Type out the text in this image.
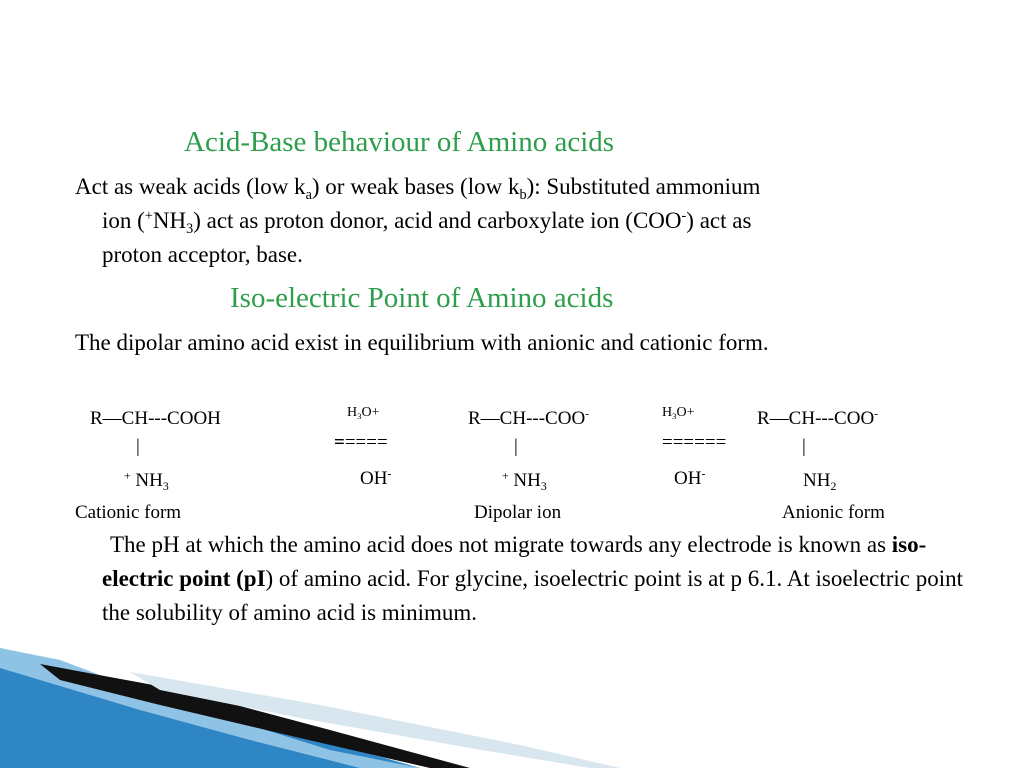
Acid-Base behaviour of Amino acids
Act as weak acids (low $k_a$) or weak bases (low $k_b$): Substituted ammonium
ion $(^+NH_3)$ act as proton donor, acid and carboxylate ion (COO-) act as
proton acceptor, base.
Iso-electric Point of Amino acids
The dipolar amino acid exist in equilibrium with anionic and cationic form.
R—CH---COOH
|
+ $NH_3$
$H_3O+$
=====
OH-
R—CH---COO-
|
+ $NH_3$
$H_3O+$
======
OH-
R—CH---COO-
|
$NH_2$
Cationic form	Dipolar ion	Anionic form
The pH at which the amino acid does not migrate towards any electrode is known as iso-electric point (pI) of amino acid. For glycine, isoelectric point is at p 6.1. At isoelectric point the solubility of amino acid is minimum.
